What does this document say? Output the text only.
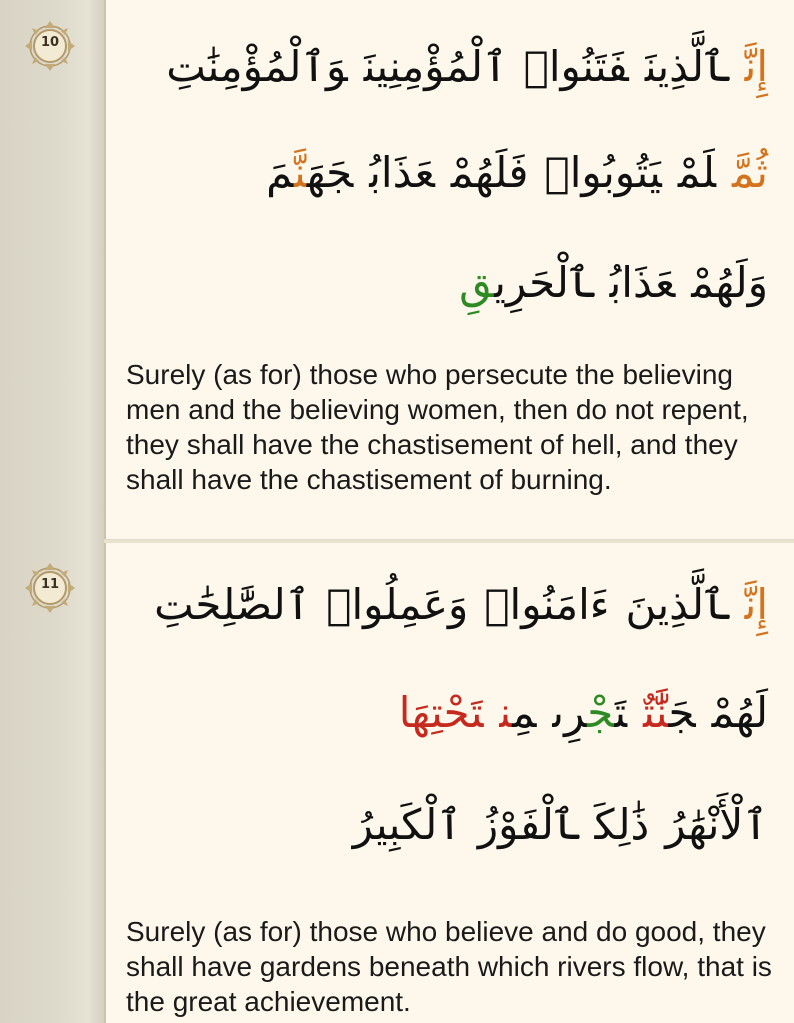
10	إِنَّٱلَّذِينَفَتَنُوا۟ٱلْمُؤْمِنِينَوَٱلْمُؤْمِنَٰتِ
ثُمَّلَمْيَتُوبُوا۟فَلَهُمْعَذَابُجَهَنَّمَ
وَلَهُمْعَذَابُٱلْحَرِيقِ
Surely (as for) those who persecute the believing men and the believing women, then do not repent, they shall have the chastisement of hell, and they shall have the chastisement of burning.
11	إِنَّٱلَّذِينَءَامَنُوا۟وَعَمِلُوا۟ٱلصَّٰلِحَٰتِ
لَهُمْجَنَّٰتٌتَجْرِىمِنتَحْتِهَا
ٱلْأَنْهَٰرُذَٰلِكَٱلْفَوْزُٱلْكَبِيرُ
Surely (as for) those who believe and do good, they shall have gardens beneath which rivers flow, that is the great achievement.
